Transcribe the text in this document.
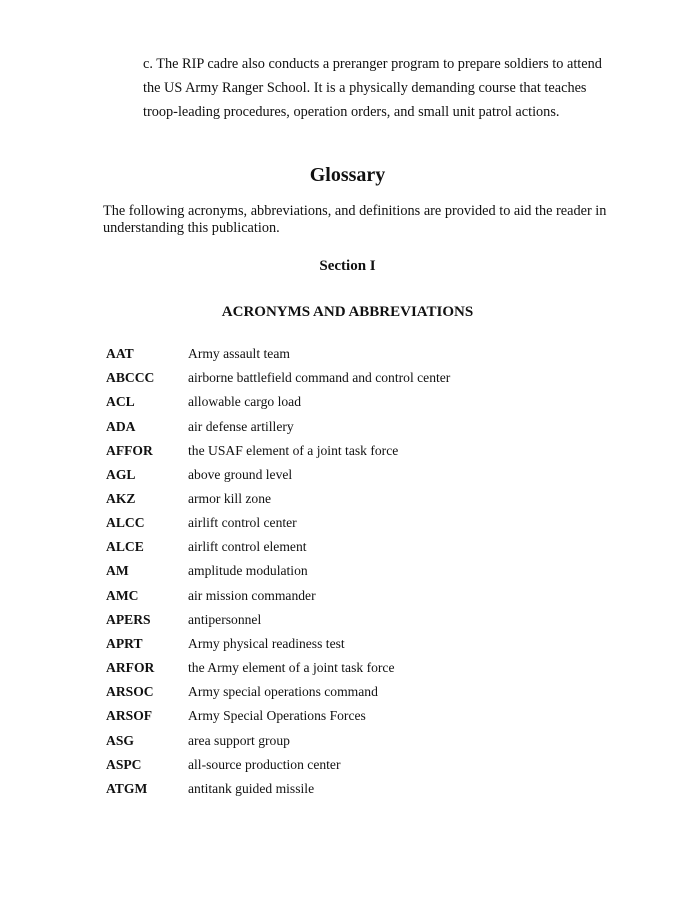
c. The RIP cadre also conducts a preranger program to prepare soldiers to attend
the US Army Ranger School. It is a physically demanding course that teaches
troop-leading procedures, operation orders, and small unit patrol actions.
Glossary
The following acronyms, abbreviations, and definitions are provided to aid the reader in
understanding this publication.
Section I
ACRONYMS AND ABBREVIATIONS
AAT	Army assault team
ABCCC	airborne battlefield command and control center
ACL	allowable cargo load
ADA	air defense artillery
AFFOR	the USAF element of a joint task force
AGL	above ground level
AKZ	armor kill zone
ALCC	airlift control center
ALCE	airlift control element
AM	amplitude modulation
AMC	air mission commander
APERS	antipersonnel
APRT	Army physical readiness test
ARFOR	the Army element of a joint task force
ARSOC	Army special operations command
ARSOF	Army Special Operations Forces
ASG	area support group
ASPC	all-source production center
ATGM	antitank guided missile
